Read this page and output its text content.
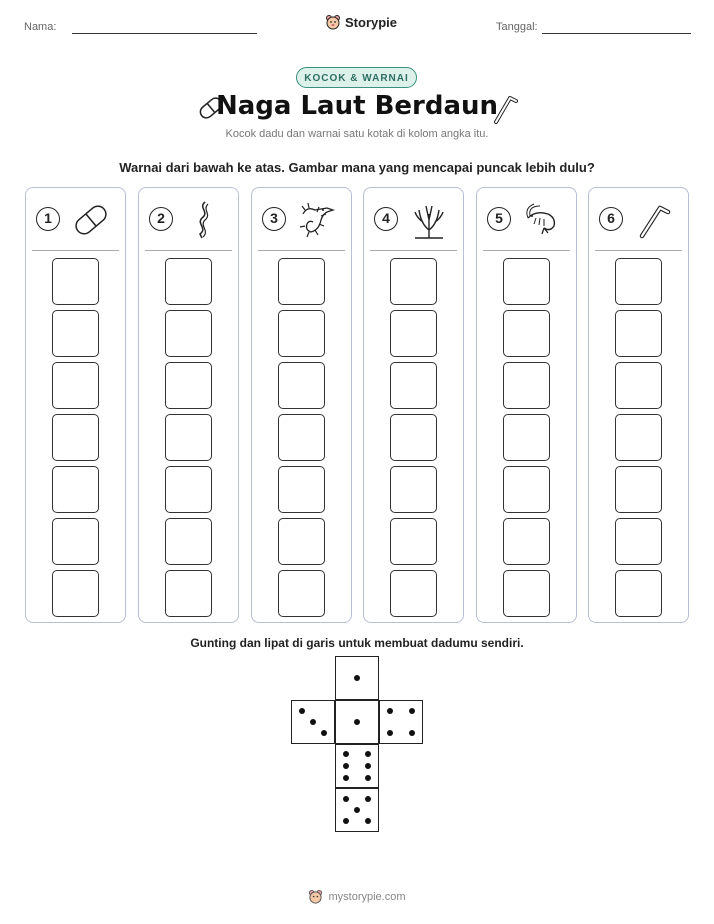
Nama:	Storypie	Tanggal:
KOCOK & WARNAI
Naga Laut Berdaun
Kocok dadu dan warnai satu kotak di kolom angka itu.
Warnai dari bawah ke atas. Gambar mana yang mencapai puncak lebih dulu?
1	2	3	4	5	6
Gunting dan lipat di garis untuk membuat dadumu sendiri.
mystorypie.com
